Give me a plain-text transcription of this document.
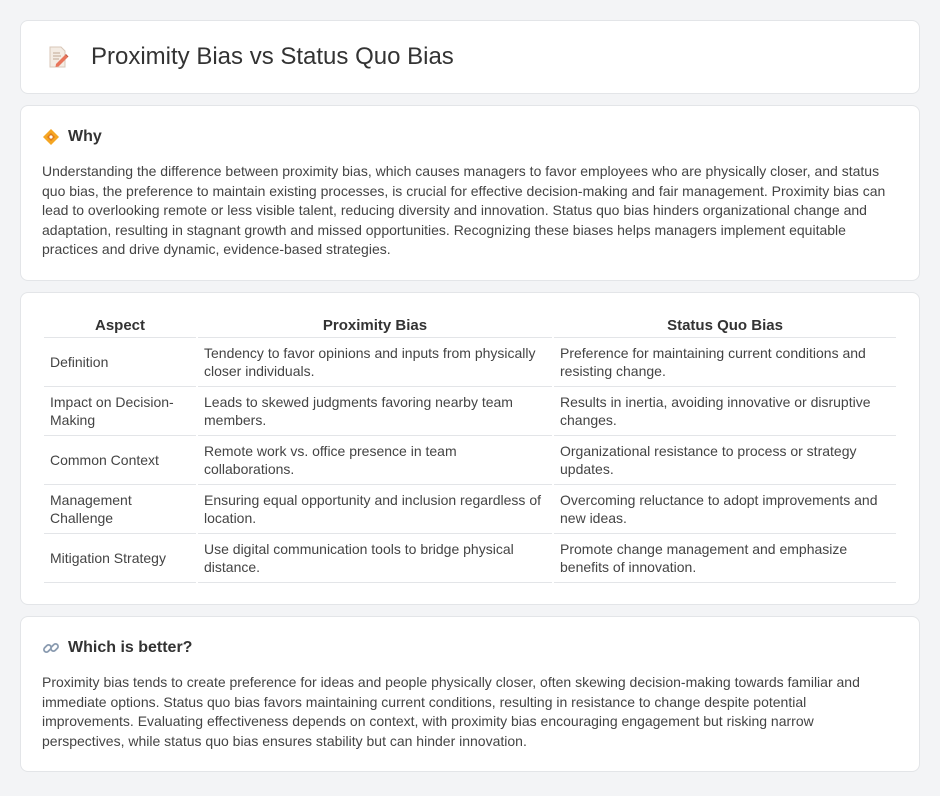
Proximity Bias vs Status Quo Bias
Why

Understanding the difference between proximity bias, which causes managers to favor employees who are physically closer, and status quo bias, the preference to maintain existing processes, is crucial for effective decision-making and fair management. Proximity bias can lead to overlooking remote or less visible talent, reducing diversity and innovation. Status quo bias hinders organizational change and adaptation, resulting in stagnant growth and missed opportunities. Recognizing these biases helps managers implement equitable practices and drive dynamic, evidence-based strategies.

Aspect	Proximity Bias	Status Quo Bias
Definition	Tendency to favor opinions and inputs from physically closer individuals.	Preference for maintaining current conditions and resisting change.
Impact on Decision-Making	Leads to skewed judgments favoring nearby team members.	Results in inertia, avoiding innovative or disruptive changes.
Common Context	Remote work vs. office presence in team collaborations.	Organizational resistance to process or strategy updates.
Management Challenge	Ensuring equal opportunity and inclusion regardless of location.	Overcoming reluctance to adopt improvements and new ideas.
Mitigation Strategy	Use digital communication tools to bridge physical distance.	Promote change management and emphasize benefits of innovation.
Which is better?

Proximity bias tends to create preference for ideas and people physically closer, often skewing decision-making towards familiar and immediate options. Status quo bias favors maintaining current conditions, resulting in resistance to change despite potential improvements. Evaluating effectiveness depends on context, with proximity bias encouraging engagement but risking narrow perspectives, while status quo bias ensures stability but can hinder innovation.
